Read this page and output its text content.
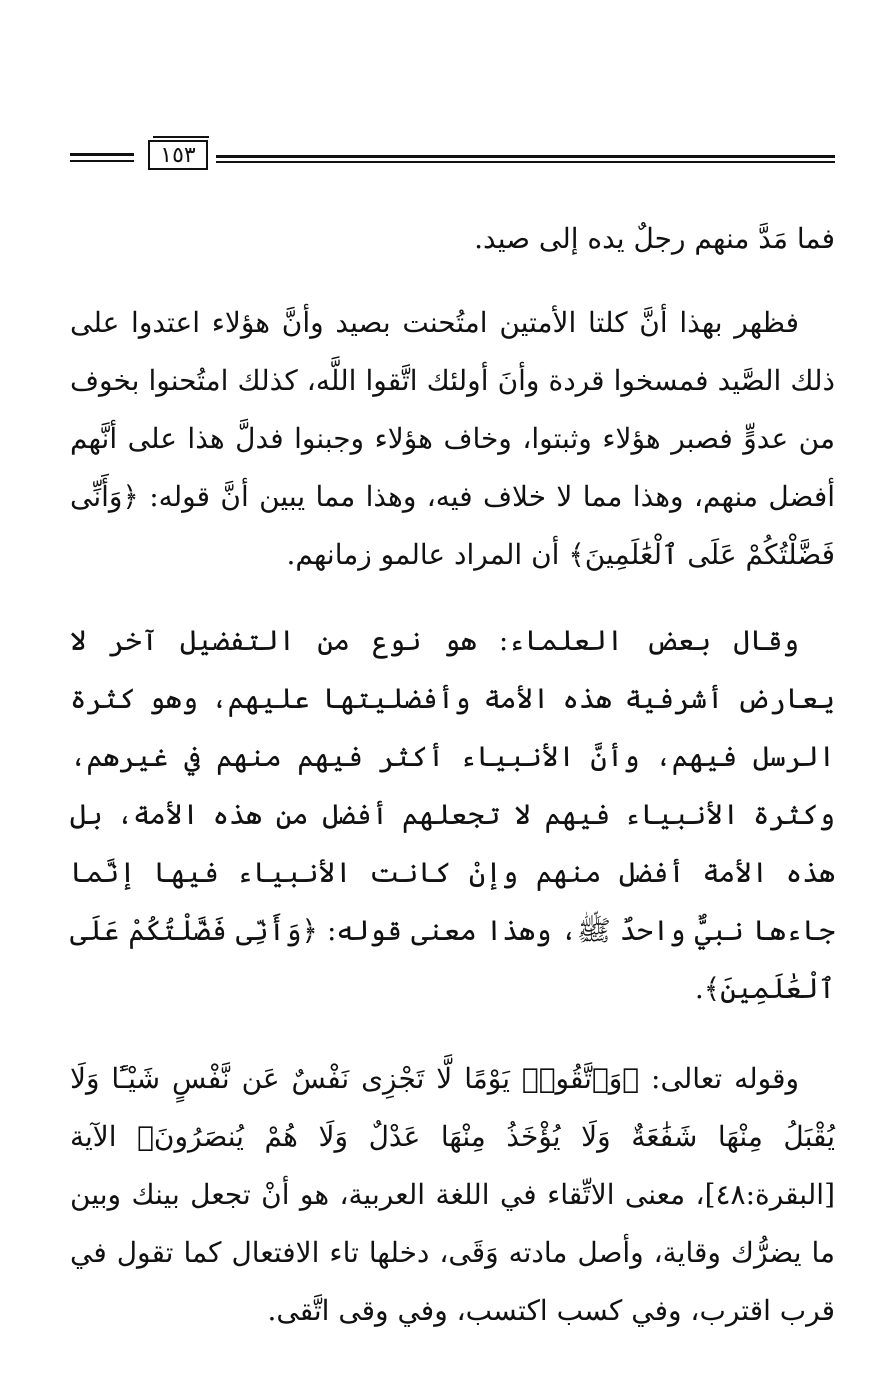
١٥٣

فما مَدَّ منهم رجلٌ يده إلى صيد.

فظهر بهذا أنَّ كلتا الأمتين امتُحنت بصيد وأنَّ هؤلاء اعتدوا على ذلك الصَّيد فمسخوا قردة وأنَ أولئك اتَّقوا اللَّه، كذلك امتُحنوا بخوف من عدوٍّ فصبر هؤلاء وثبتوا، وخاف هؤلاء وجبنوا فدلَّ هذا على أنَّهم أفضل منهم، وهذا مما لا خلاف فيه، وهذا مما يبين أنَّ قوله: ﴿وَأَنِّى فَضَّلْتُكُمْ عَلَى ٱلْعَٰلَمِينَ﴾ أن المراد عالمو زمانهم.

وقال بعض العلماء: هو نوع من التفضيل آخر لا يعارض أشرفية هذه الأمة وأفضليتها عليهم، وهو كثرة الرسل فيهم، وأنَّ الأنبياء أكثر فيهم منهم في غيرهم، وكثرة الأنبياء فيهم لا تجعلهم أفضل من هذه الأمة، بل هذه الأمة أفضل منهم وإنْ كانت الأنبياء فيها إنَّما جاءها نبيٌّ واحدٌ ﷺ، وهذا معنى قوله: ﴿وَأَنِّى فَضَّلْتُكُمْ عَلَى ٱلْعَٰلَمِينَ﴾.

وقوله تعالى: ﴿وَٱتَّقُوا۟ يَوْمًا لَّا تَجْزِى نَفْسٌ عَن نَّفْسٍ شَيْـًٔا وَلَا يُقْبَلُ مِنْهَا شَفَٰعَةٌ وَلَا يُؤْخَذُ مِنْهَا عَدْلٌ وَلَا هُمْ يُنصَرُونَ﴾ الآية [البقرة:٤٨]، معنى الاتِّقاء في اللغة العربية، هو أنْ تجعل بينك وبين ما يضرُّك وقاية، وأصل مادته وَقَى، دخلها تاء الافتعال كما تقول في قرب اقترب، وفي كسب اكتسب، وفي وقى اتَّقى.
